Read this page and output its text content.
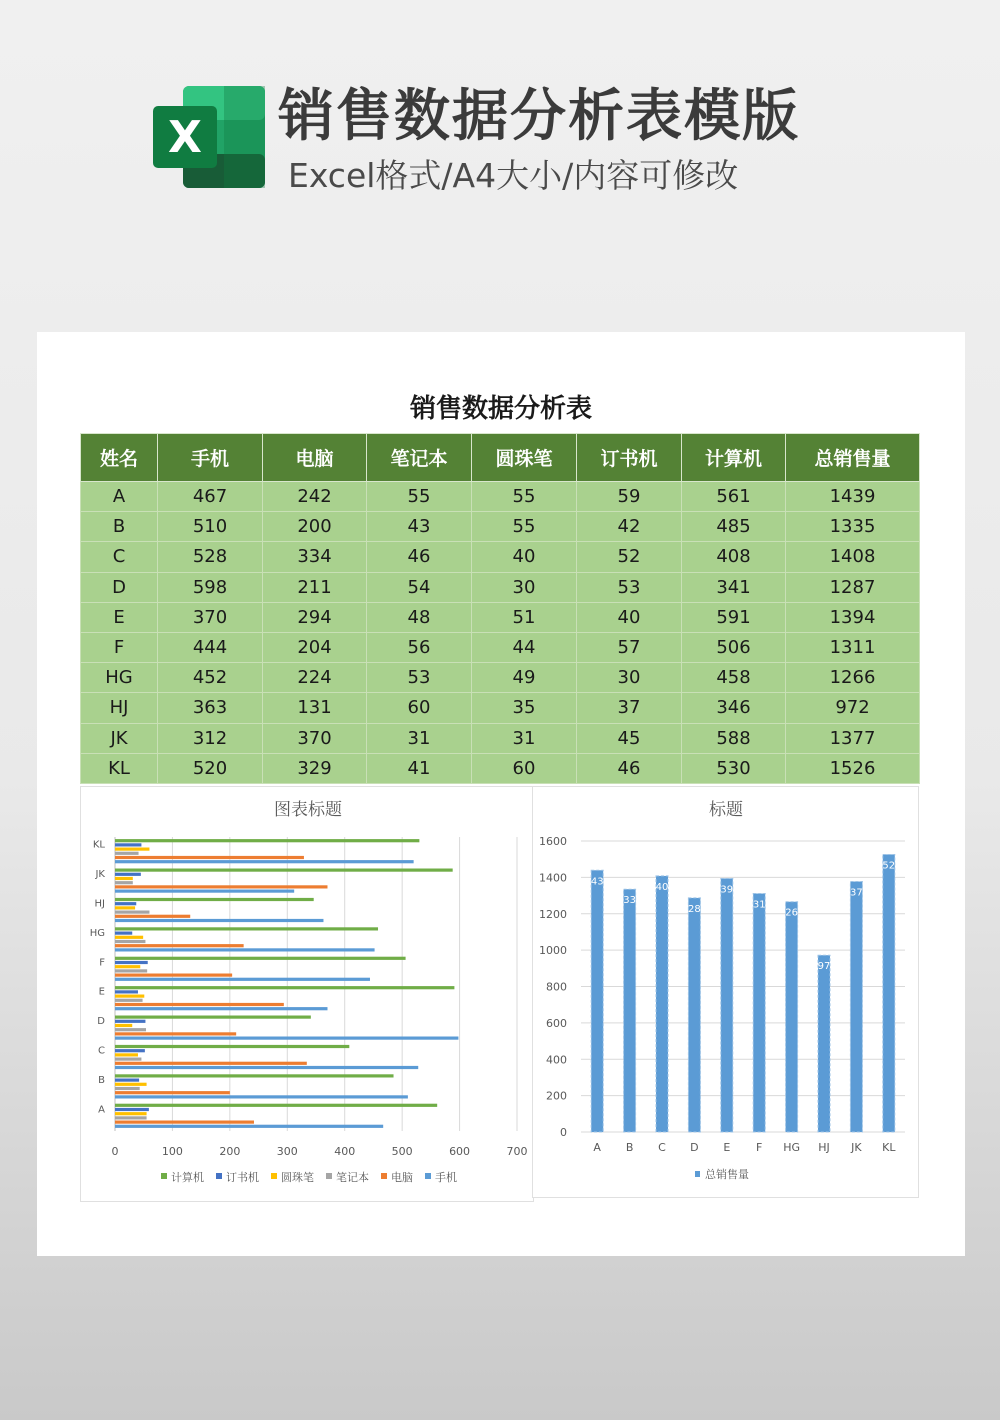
X 销售数据分析表模版
Excel格式/A4大小/内容可修改
销售数据分析表
姓名	手机	电脑	笔记本	圆珠笔	订书机	计算机	总销售量
A	467	242	55	55	59	561	1439
B	510	200	43	55	42	485	1335
C	528	334	46	40	52	408	1408
D	598	211	54	30	53	341	1287
E	370	294	48	51	40	591	1394
F	444	204	56	44	57	506	1311
HG	452	224	53	49	30	458	1266
HJ	363	131	60	35	37	346	972
JK	312	370	31	31	45	588	1377
KL	520	329	41	60	46	530	1526
图表标题
0	100	200	300	400	500	600	700
A
B
C
D
E
F
HG
HJ
JK
KL
计算机 订书机 圆珠笔 笔记本 电脑 手机
标题
0
200
400
600
800
1000
1200
1400
1600
43
A
33
B
40
C
28
D
39
E
31
F
26
HG
97
HJ
37
JK
52
KL
总销售量
